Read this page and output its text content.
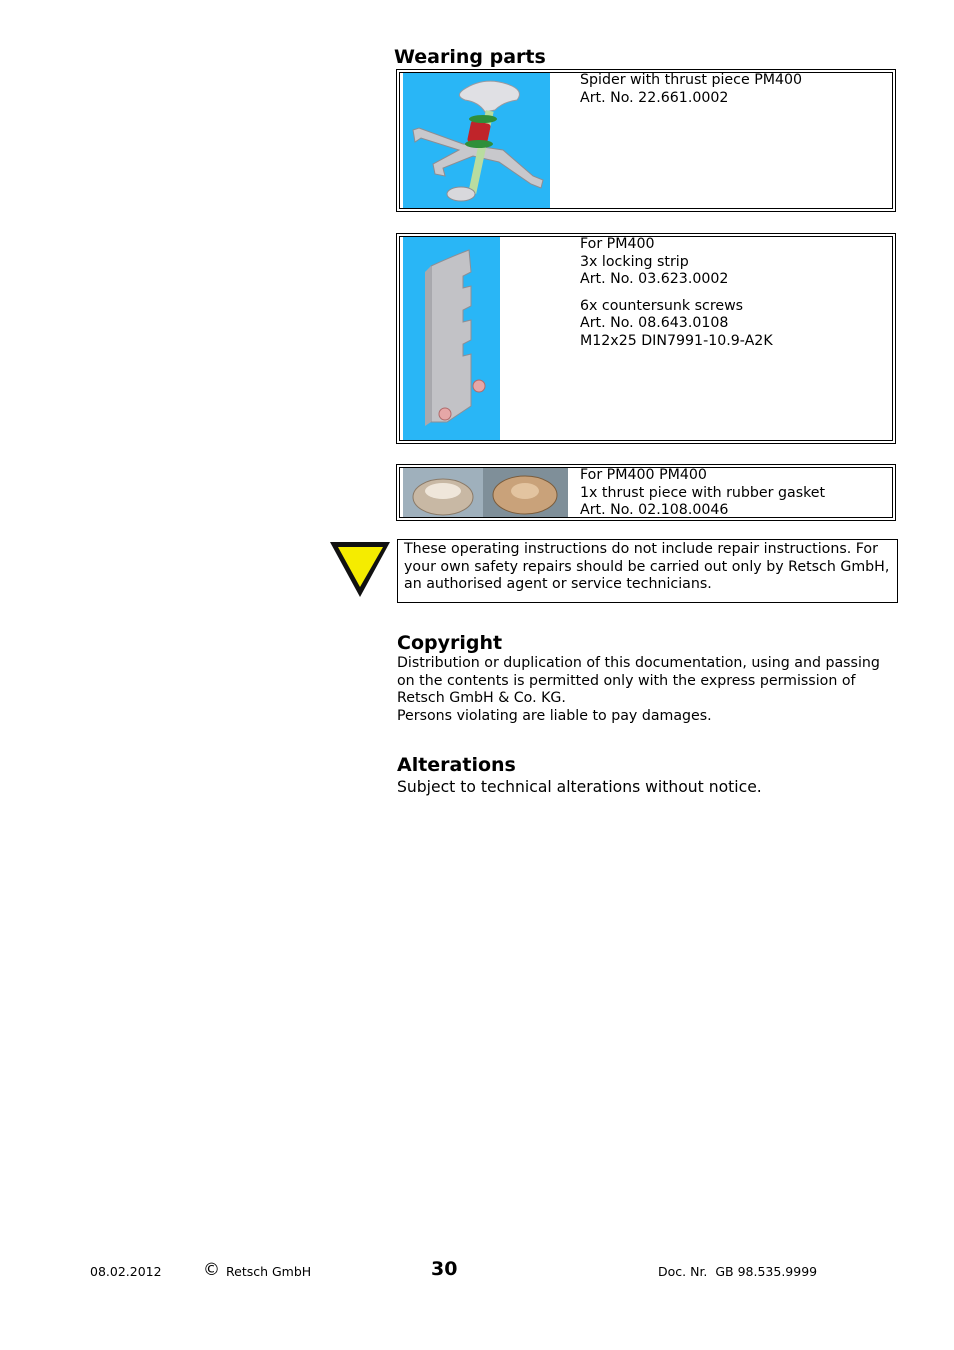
Wearing parts
Spider with thrust piece PM400
Art. No. 22.661.0002
For PM400
3x locking strip
Art. No. 03.623.0002
6x countersunk screws
Art. No. 08.643.0108
M12x25 DIN7991-10.9-A2K
For PM400 PM400
1x thrust piece with rubber gasket
Art. No. 02.108.0046

These operating instructions do not include repair instructions. For your own safety repairs should be carried out only by Retsch GmbH, an authorised agent or service technicians.

Copyright

Distribution or duplication of this documentation, using and passing on the contents is permitted only with the express permission of Retsch GmbH & Co. KG.

Persons violating are liable to pay damages.

Alterations
Subject to technical alterations without notice.
08.02.2012 © Retsch GmbH	30	Doc. Nr.  GB 98.535.9999
